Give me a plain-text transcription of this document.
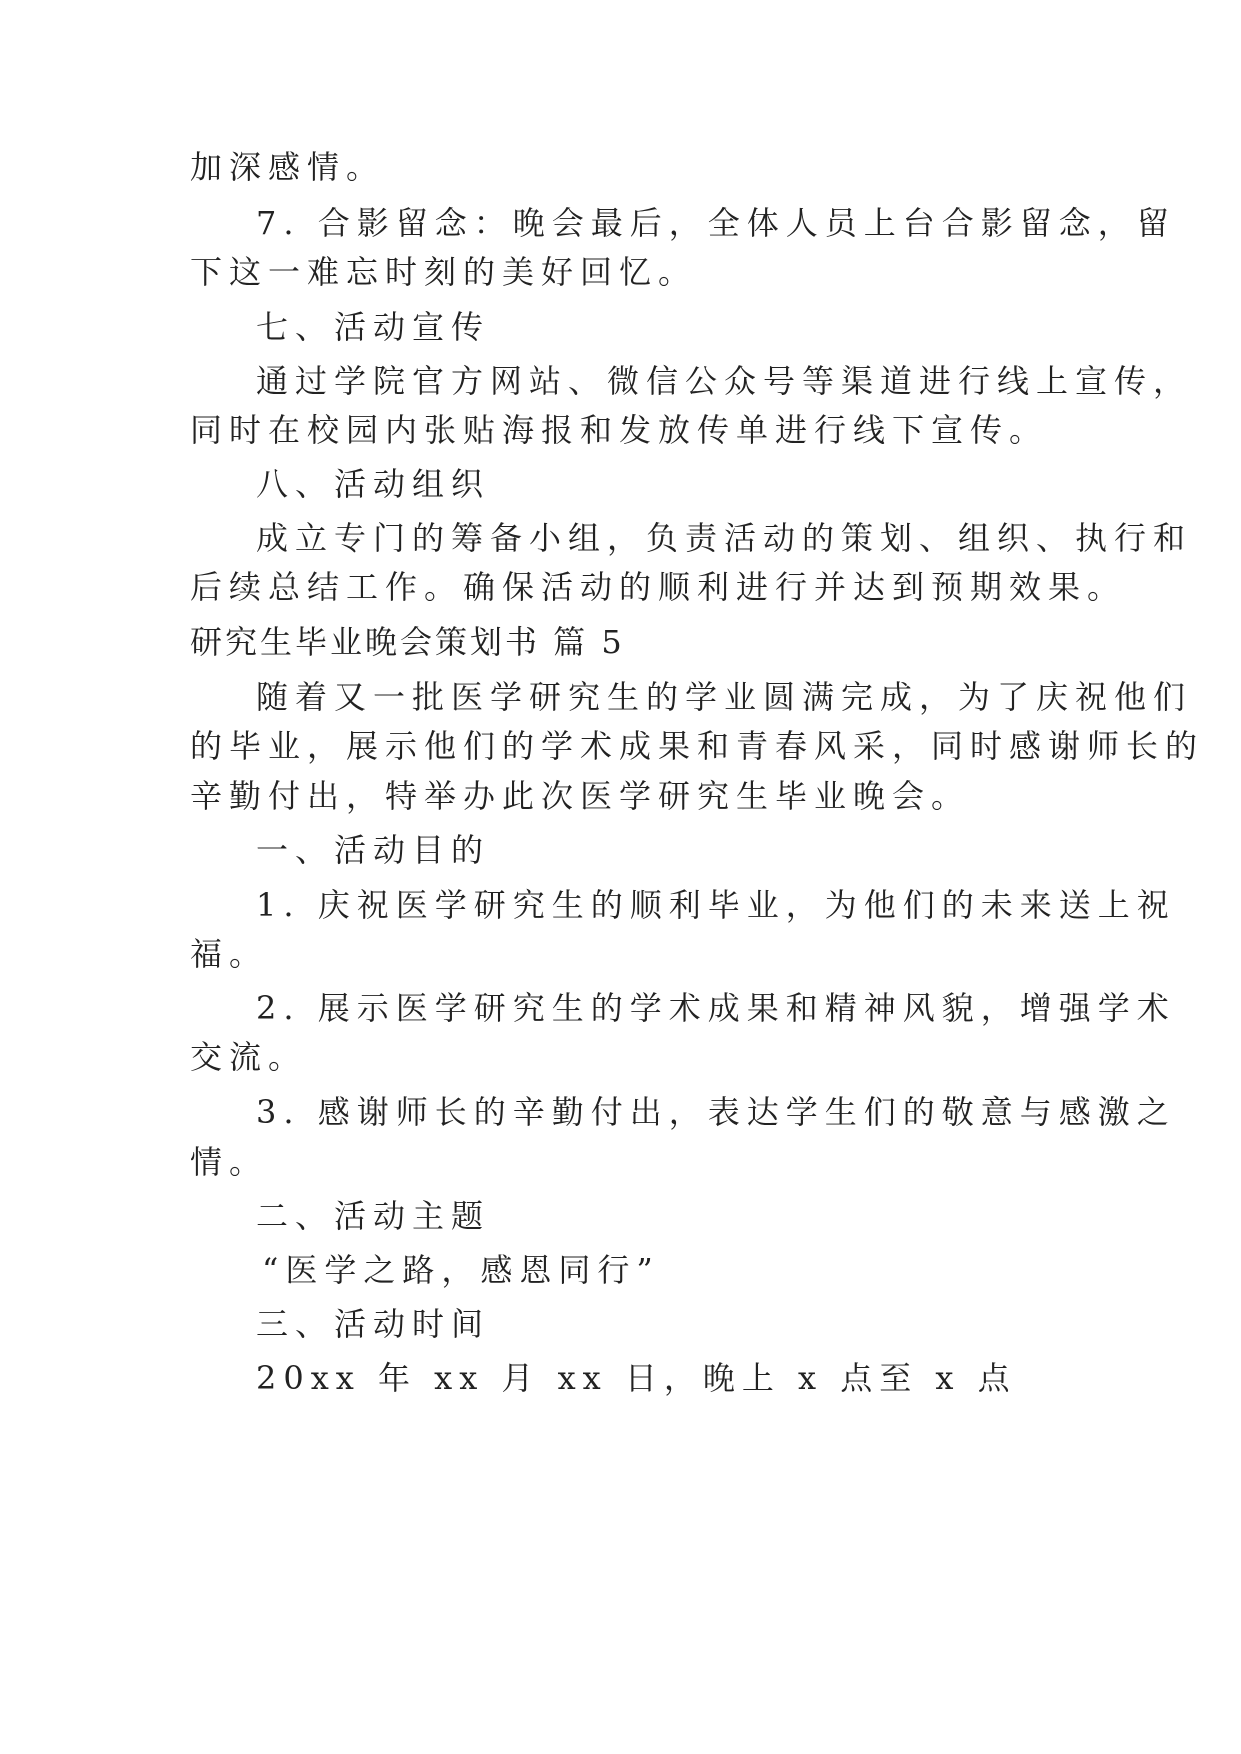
加深感情。
7. 合影留念：晚会最后，全体人员上台合影留念，留
下这一难忘时刻的美好回忆。
七、活动宣传
通过学院官方网站、微信公众号等渠道进行线上宣传，
同时在校园内张贴海报和发放传单进行线下宣传。
八、活动组织
成立专门的筹备小组，负责活动的策划、组织、执行和
后续总结工作。确保活动的顺利进行并达到预期效果。
研究生毕业晚会策划书 篇 5
随着又一批医学研究生的学业圆满完成，为了庆祝他们
的毕业，展示他们的学术成果和青春风采，同时感谢师长的
辛勤付出，特举办此次医学研究生毕业晚会。
一、活动目的
1. 庆祝医学研究生的顺利毕业，为他们的未来送上祝
福。
2. 展示医学研究生的学术成果和精神风貌，增强学术
交流。
3. 感谢师长的辛勤付出，表达学生们的敬意与感激之
情。
二、活动主题
“医学之路，感恩同行”
三、活动时间
20xx 年 xx 月 xx 日，晚上 x 点至 x 点
